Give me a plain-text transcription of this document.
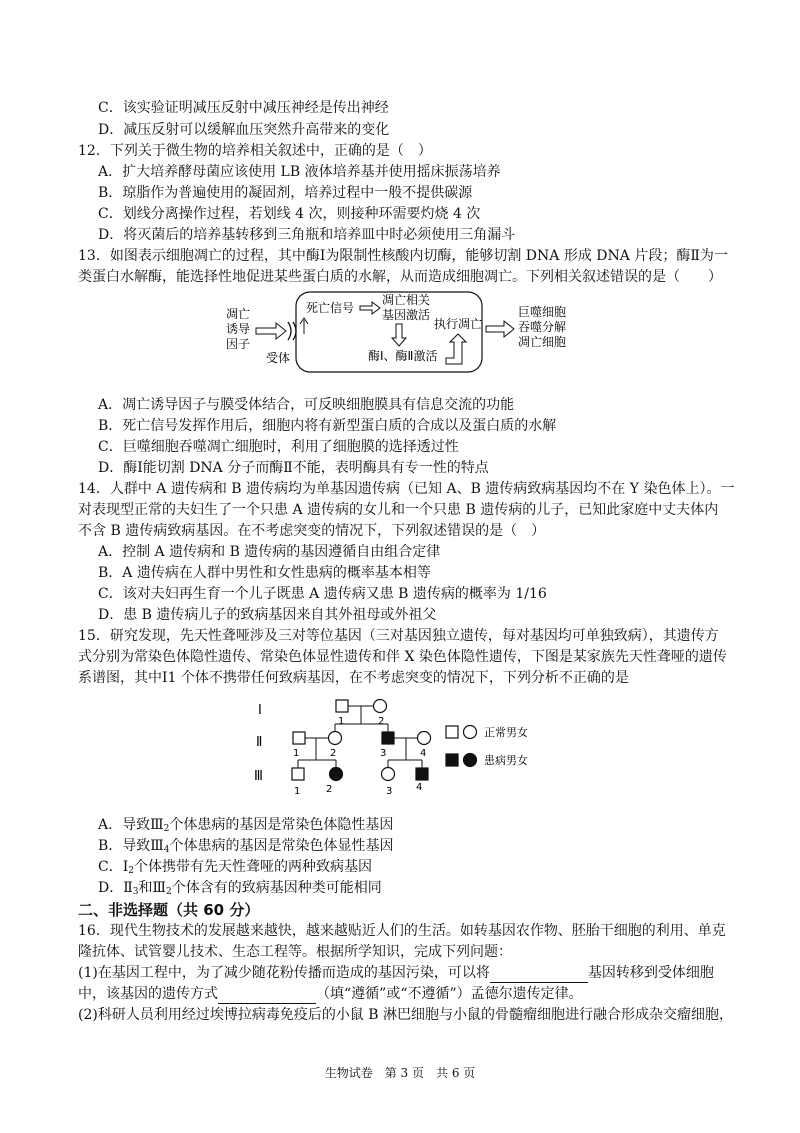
C．该实验证明减压反射中减压神经是传出神经
D．减压反射可以缓解血压突然升高带来的变化
12．下列关于微生物的培养相关叙述中，正确的是（　）
A．扩大培养酵母菌应该使用 LB 液体培养基并使用摇床振荡培养
B．琼脂作为普遍使用的凝固剂，培养过程中一般不提供碳源
C．划线分离操作过程，若划线 4 次，则接种环需要灼烧 4 次
D．将灭菌后的培养基转移到三角瓶和培养皿中时必须使用三角漏斗
13．如图表示细胞凋亡的过程，其中酶Ⅰ为限制性核酸内切酶，能够切割 DNA 形成 DNA 片段；酶Ⅱ为一
类蛋白水解酶，能选择性地促进某些蛋白质的水解，从而造成细胞凋亡。下列相关叙述错误的是（　　）
凋亡
诱导
因子
受体
死亡信号
凋亡相关
基因激活
酶Ⅰ、酶Ⅱ激活
执行凋亡
巨噬细胞
吞噬分解
凋亡细胞
A．凋亡诱导因子与膜受体结合，可反映细胞膜具有信息交流的功能
B．死亡信号发挥作用后，细胞内将有新型蛋白质的合成以及蛋白质的水解
C．巨噬细胞吞噬凋亡细胞时，利用了细胞膜的选择透过性
D．酶Ⅰ能切割 DNA 分子而酶Ⅱ不能，表明酶具有专一性的特点
14．人群中 A 遗传病和 B 遗传病均为单基因遗传病（已知 A、B 遗传病致病基因均不在 Y 染色体上）。一
对表现型正常的夫妇生了一个只患 A 遗传病的女儿和一个只患 B 遗传病的儿子，已知此家庭中丈夫体内
不含 B 遗传病致病基因。在不考虑突变的情况下，下列叙述错误的是（　）
A．控制 A 遗传病和 B 遗传病的基因遵循自由组合定律
B．A 遗传病在人群中男性和女性患病的概率基本相等
C．该对夫妇再生育一个儿子既患 A 遗传病又患 B 遗传病的概率为 1/16
D．患 B 遗传病儿子的致病基因来自其外祖母或外祖父
15．研究发现，先天性聋哑涉及三对等位基因（三对基因独立遗传，每对基因均可单独致病），其遗传方
式分别为常染色体隐性遗传、常染色体显性遗传和伴 X 染色体隐性遗传，下图是某家族先天性聋哑的遗传
系谱图，其中Ⅰ1 个体不携带任何致病基因，在不考虑突变的情况下，下列分析不正确的是
Ⅰ
Ⅱ
Ⅲ
1	2
1	2	3	4
1	2	3 4
正常男女
患病男女
A．导致$Ⅲ_2$个体患病的基因是常染色体隐性基因
B．导致$Ⅲ_4$个体患病的基因是常染色体显性基因
C．$Ⅰ_2$个体携带有先天性聋哑的两种致病基因
D．$Ⅱ_3$和$Ⅲ_2$个体含有的致病基因种类可能相同
二、非选择题（共 60 分）
16．现代生物技术的发展越来越快，越来越贴近人们的生活。如转基因农作物、胚胎干细胞的利用、单克
隆抗体、试管婴儿技术、生态工程等。根据所学知识，完成下列问题：
(1)在基因工程中，为了减少随花粉传播而造成的基因污染，可以将	基因转移到受体细胞
中，该基因的遗传方式	（填“遵循”或“不遵循”）孟德尔遗传定律。
(2)科研人员利用经过埃博拉病毒免疫后的小鼠 B 淋巴细胞与小鼠的骨髓瘤细胞进行融合形成杂交瘤细胞，
生物试卷　第 3 页　共 6 页
